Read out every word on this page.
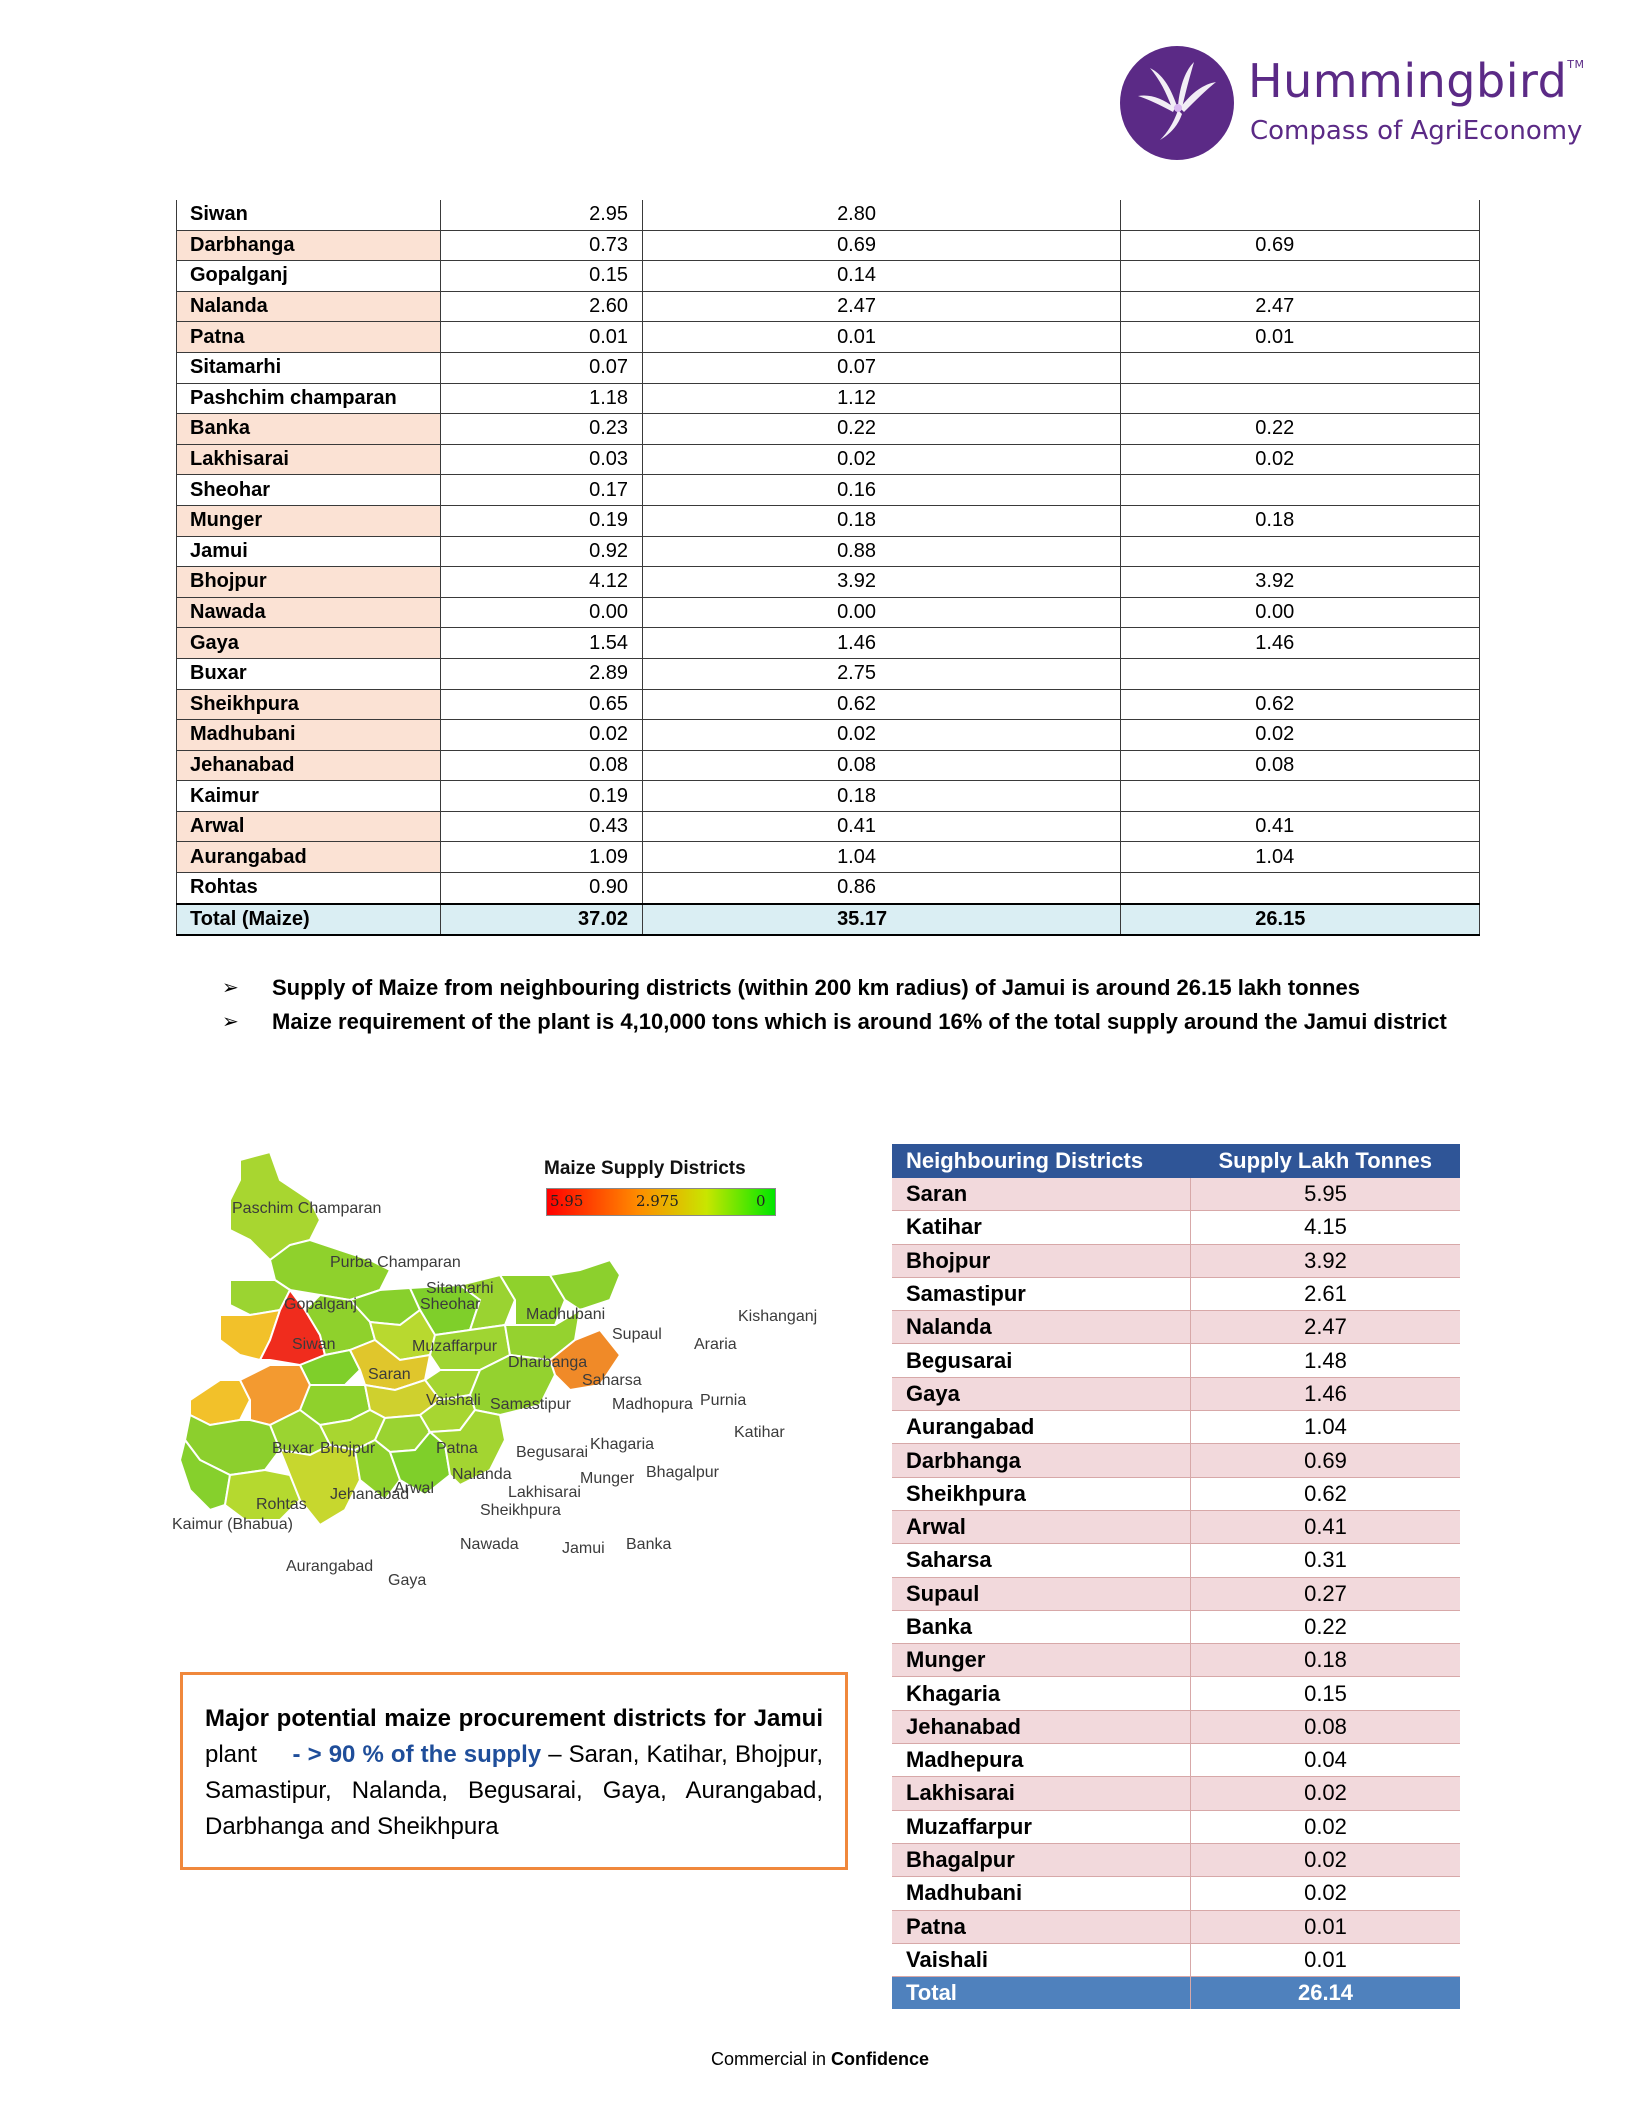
Hummingbird™
Compass of AgriEconomy
Siwan	2.95	2.80	
Darbhanga	0.73	0.69	0.69
Gopalganj	0.15	0.14	
Nalanda	2.60	2.47	2.47
Patna	0.01	0.01	0.01
Sitamarhi	0.07	0.07	
Pashchim champaran	1.18	1.12	
Banka	0.23	0.22	0.22
Lakhisarai	0.03	0.02	0.02
Sheohar	0.17	0.16	
Munger	0.19	0.18	0.18
Jamui	0.92	0.88	
Bhojpur	4.12	3.92	3.92
Nawada	0.00	0.00	0.00
Gaya	1.54	1.46	1.46
Buxar	2.89	2.75	
Sheikhpura	0.65	0.62	0.62
Madhubani	0.02	0.02	0.02
Jehanabad	0.08	0.08	0.08
Kaimur	0.19	0.18	
Arwal	0.43	0.41	0.41
Aurangabad	1.09	1.04	1.04
Rohtas	0.90	0.86	
Total (Maize)	37.02	35.17	26.15
➢ Supply of Maize from neighbouring districts (within 200 km radius) of Jamui is around 26.15 lakh tonnes
➢ Maize requirement of the plant is 4,10,000 tons which is around 16% of the total supply around the Jamui district
Maize Supply Districts
5.95	2.975	0
Paschim Champaran
Purba Champaran
Sitamarhi
Sheohar
Gopalganj
Madhubani
Supaul
Kishanganj
Araria
Siwan	Muzaffarpur
Saran
Dharbanga
Saharsa
Vaishali Samastipur	Madhopura Purnia
Katihar
Buxar Bhojpur	Patna Begusarai Khagaria
Nalanda	Munger Bhagalpur
Arwal
Jehanabad	Lakhisarai
Rohtas	Sheikhpura
Kaimur (Bhabua)
Nawada	Jamui Banka
Aurangabad
Gaya
Major potential maize procurement districts for Jamui plant - > 90 % of the supply – Saran, Katihar, Bhojpur, Samastipur, Nalanda, Begusarai, Gaya, Aurangabad, Darbhanga and Sheikhpura
Neighbouring Districts	Supply Lakh Tonnes
Saran	5.95
Katihar	4.15
Bhojpur	3.92
Samastipur	2.61
Nalanda	2.47
Begusarai	1.48
Gaya	1.46
Aurangabad	1.04
Darbhanga	0.69
Sheikhpura	0.62
Arwal	0.41
Saharsa	0.31
Supaul	0.27
Banka	0.22
Munger	0.18
Khagaria	0.15
Jehanabad	0.08
Madhepura	0.04
Lakhisarai	0.02
Muzaffarpur	0.02
Bhagalpur	0.02
Madhubani	0.02
Patna	0.01
Vaishali	0.01
Total	26.14
Commercial in Confidence
